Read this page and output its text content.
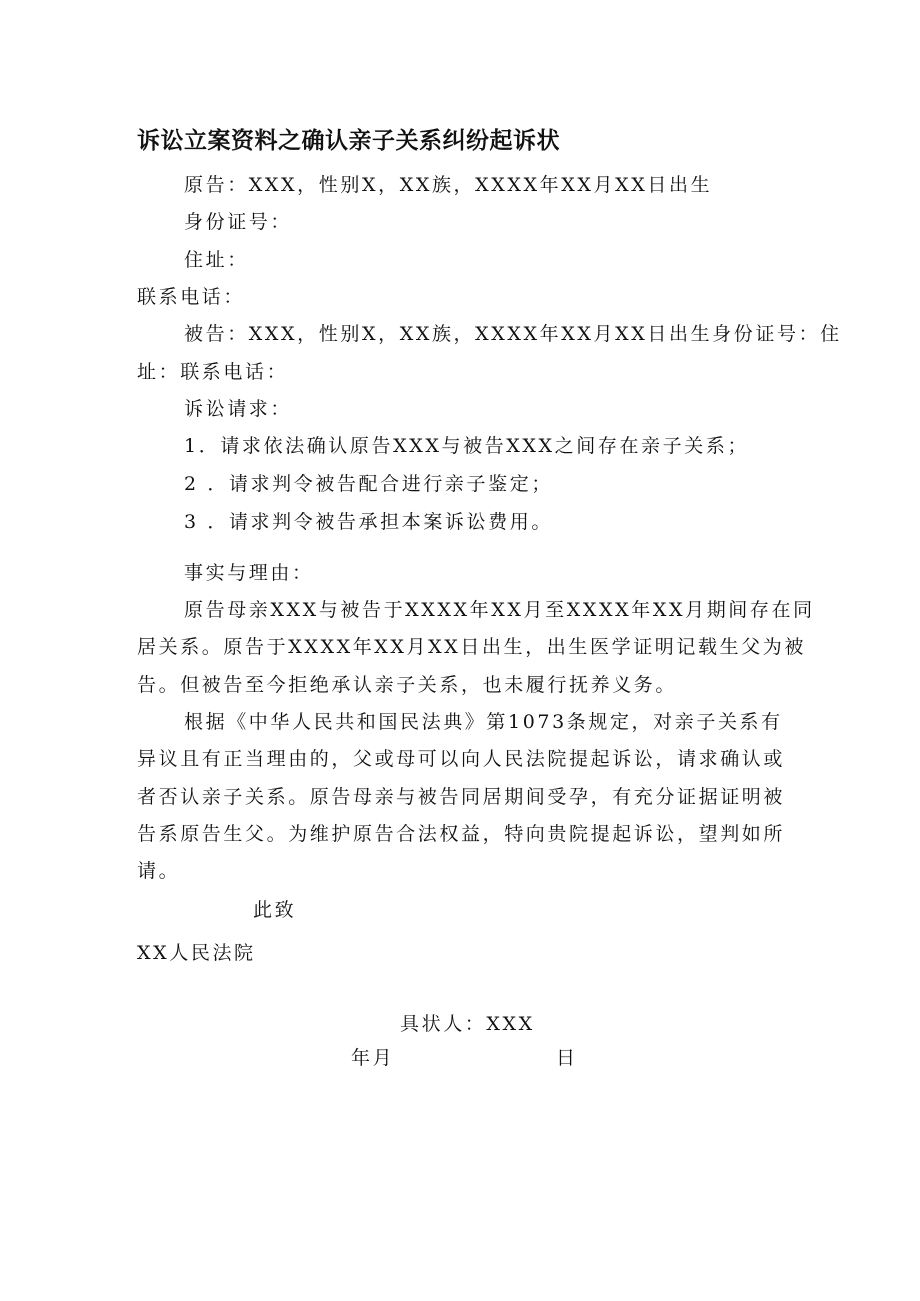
诉讼立案资料之确认亲子关系纠纷起诉状
原告：XXX，性别X，XX族，XXXX年XX月XX日出生
身份证号：
住址：
联系电话：
被告：XXX，性别X，XX族，XXXX年XX月XX日出生身份证号：住
址：联系电话：
诉讼请求：
1．请求依法确认原告XXX与被告XXX之间存在亲子关系；
2 ．请求判令被告配合进行亲子鉴定；
3 ．请求判令被告承担本案诉讼费用。
事实与理由：
原告母亲XXX与被告于XXXX年XX月至XXXX年XX月期间存在同
居关系。原告于XXXX年XX月XX日出生，出生医学证明记载生父为被
告。但被告至今拒绝承认亲子关系，也未履行抚养义务。
根据《中华人民共和国民法典》第1073条规定，对亲子关系有
异议且有正当理由的，父或母可以向人民法院提起诉讼，请求确认或
者否认亲子关系。原告母亲与被告同居期间受孕，有充分证据证明被
告系原告生父。为维护原告合法权益，特向贵院提起诉讼，望判如所
请。
此致
XX人民法院
具状人：XXX
年月	日
